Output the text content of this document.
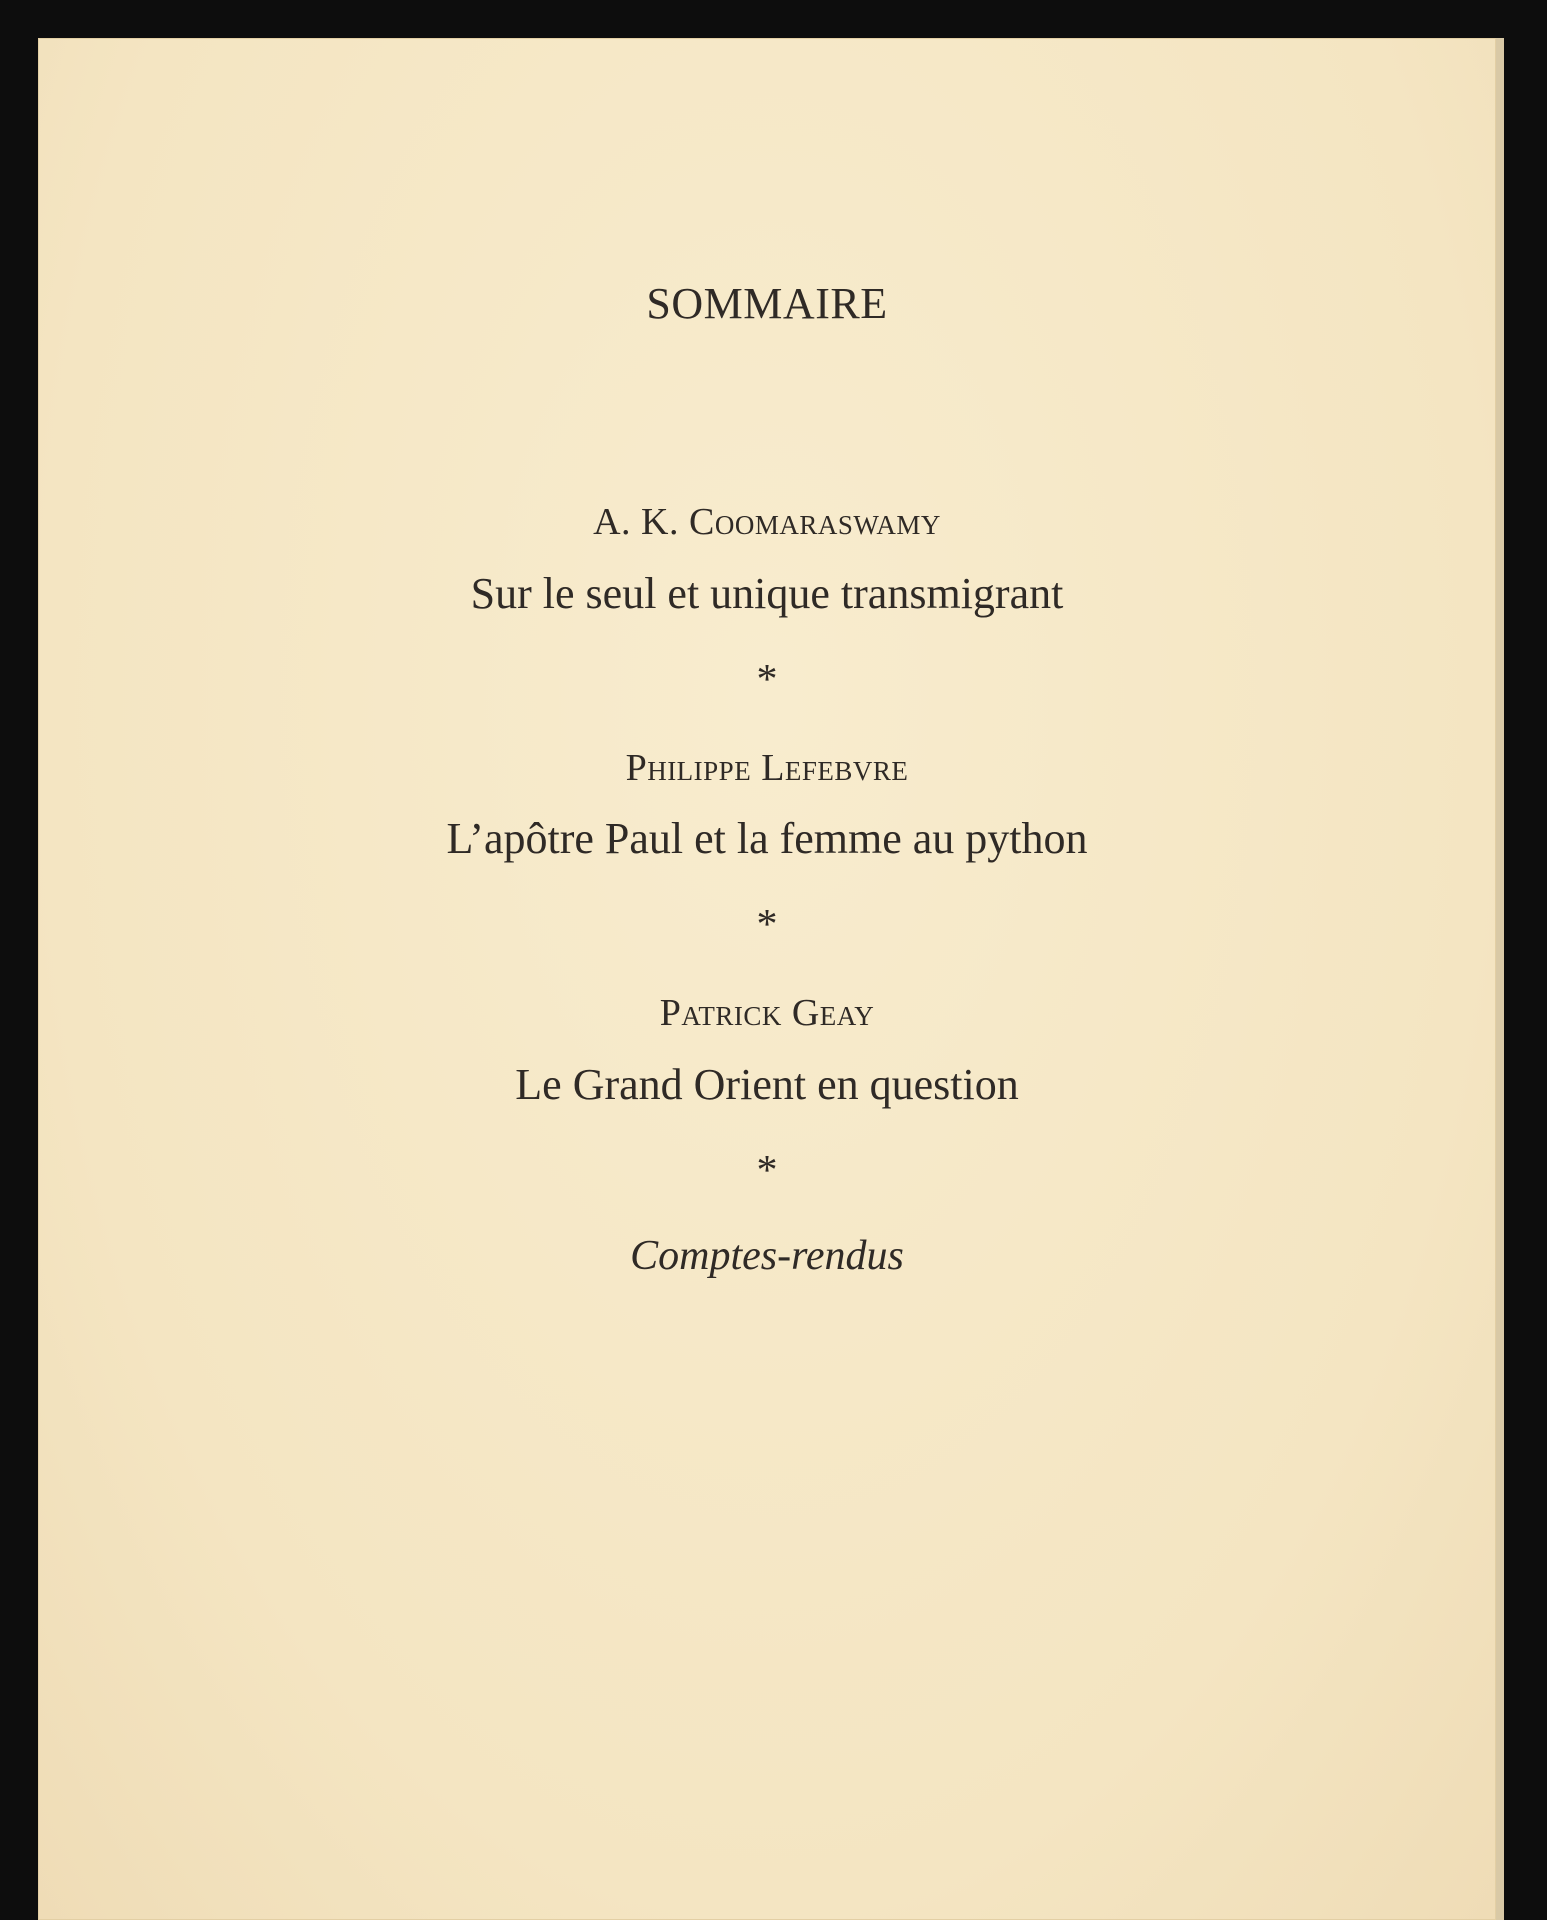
SOMMAIRE
A. K. Coomaraswamy
Sur le seul et unique transmigrant
*
Philippe Lefebvre
L’apôtre Paul et la femme au python
*
Patrick Geay
Le Grand Orient en question
*
Comptes-rendus
